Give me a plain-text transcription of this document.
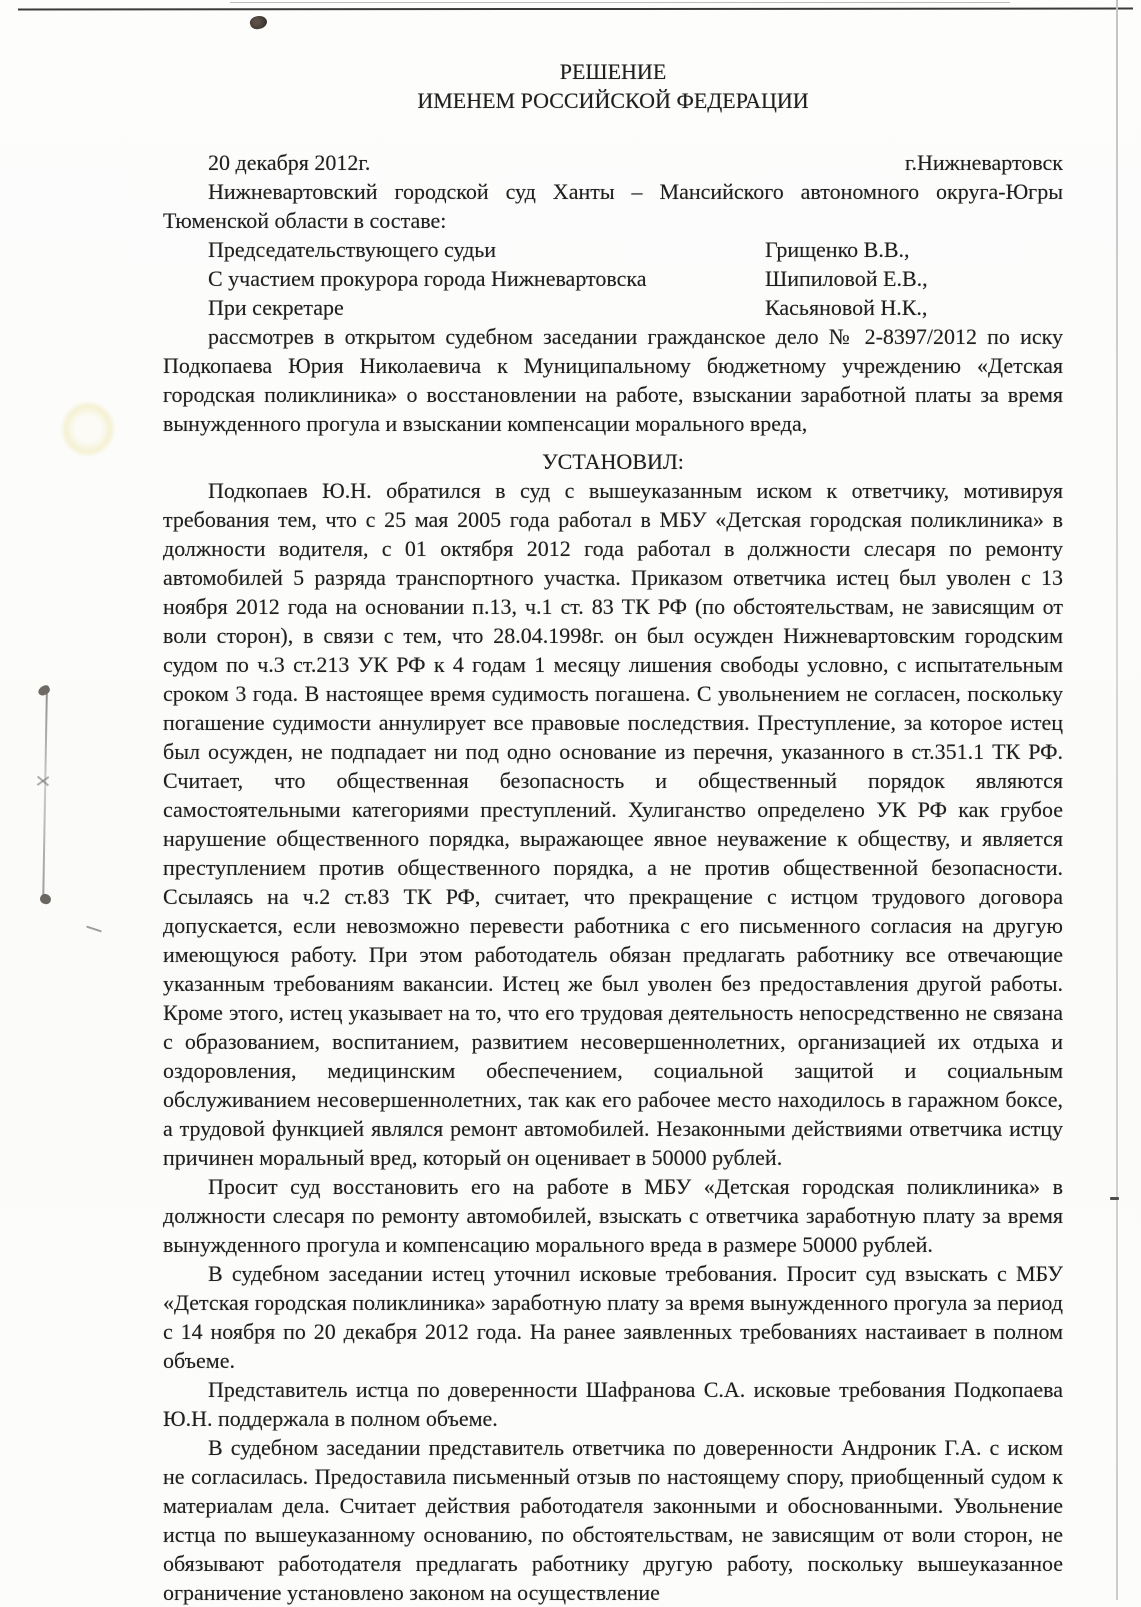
РЕШЕНИЕ
ИМЕНЕМ РОССИЙСКОЙ ФЕДЕРАЦИИ
20 декабря 2012г.	г.Нижневартовск
Нижневартовский городской суд Ханты – Мансийского автономного округа-Югры Тюменской области в составе:
Председательствующего судьи	Грищенко В.В.,
С участием прокурора города Нижневартовска	Шипиловой Е.В.,
При секретаре	Касьяновой Н.К.,
рассмотрев в открытом судебном заседании гражданское дело № 2-8397/2012 по иску Подкопаева Юрия Николаевича к Муниципальному бюджетному учреждению «Детская городская поликлиника» о восстановлении на работе, взыскании заработной платы за время вынужденного прогула и взыскании компенсации морального вреда,
УСТАНОВИЛ:

Подкопаев Ю.Н. обратился в суд с вышеуказанным иском к ответчику, мотивируя требования тем, что с 25 мая 2005 года работал в МБУ «Детская городская поликлиника» в должности водителя, с 01 октября 2012 года работал в должности слесаря по ремонту автомобилей 5 разряда транспортного участка. Приказом ответчика истец был уволен с 13 ноября 2012 года на основании п.13, ч.1 ст. 83 ТК РФ (по обстоятельствам, не зависящим от воли сторон), в связи с тем, что 28.04.1998г. он был осужден Нижневартовским городским судом по ч.3 ст.213 УК РФ к 4 годам 1 месяцу лишения свободы условно, с испытательным сроком 3 года. В настоящее время судимость погашена. С увольнением не согласен, поскольку погашение судимости аннулирует все правовые последствия. Преступление, за которое истец был осужден, не подпадает ни под одно основание из перечня, указанного в ст.351.1 ТК РФ. Считает, что общественная безопасность и общественный порядок являются самостоятельными категориями преступлений. Хулиганство определено УК РФ как грубое нарушение общественного порядка, выражающее явное неуважение к обществу, и является преступлением против общественного порядка, а не против общественной безопасности. Ссылаясь на ч.2 ст.83 ТК РФ, считает, что прекращение с истцом трудового договора допускается, если невозможно перевести работника с его письменного согласия на другую имеющуюся работу. При этом работодатель обязан предлагать работнику все отвечающие указанным требованиям вакансии. Истец же был уволен без предоставления другой работы. Кроме этого, истец указывает на то, что его трудовая деятельность непосредственно не связана с образованием, воспитанием, развитием несовершеннолетних, организацией их отдыха и оздоровления, медицинским обеспечением, социальной защитой и социальным обслуживанием несовершеннолетних, так как его рабочее место находилось в гаражном боксе, а трудовой функцией являлся ремонт автомобилей. Незаконными действиями ответчика истцу причинен моральный вред, который он оценивает в 50000 рублей.

Просит суд восстановить его на работе в МБУ «Детская городская поликлиника» в должности слесаря по ремонту автомобилей, взыскать с ответчика заработную плату за время вынужденного прогула и компенсацию морального вреда в размере 50000 рублей.

В судебном заседании истец уточнил исковые требования. Просит суд взыскать с МБУ «Детская городская поликлиника» заработную плату за время вынужденного прогула за период с 14 ноября по 20 декабря 2012 года. На ранее заявленных требованиях настаивает в полном объеме.

Представитель истца по доверенности Шафранова С.А. исковые требования Подкопаева Ю.Н. поддержала в полном объеме.

В судебном заседании представитель ответчика по доверенности Андроник Г.А. с иском не согласилась. Предоставила письменный отзыв по настоящему спору, приобщенный судом к материалам дела. Считает действия работодателя законными и обоснованными. Увольнение истца по вышеуказанному основанию, по обстоятельствам, не зависящим от воли сторон, не обязывают работодателя предлагать работнику другую работу, поскольку вышеуказанное ограничение установлено законом на осуществление
